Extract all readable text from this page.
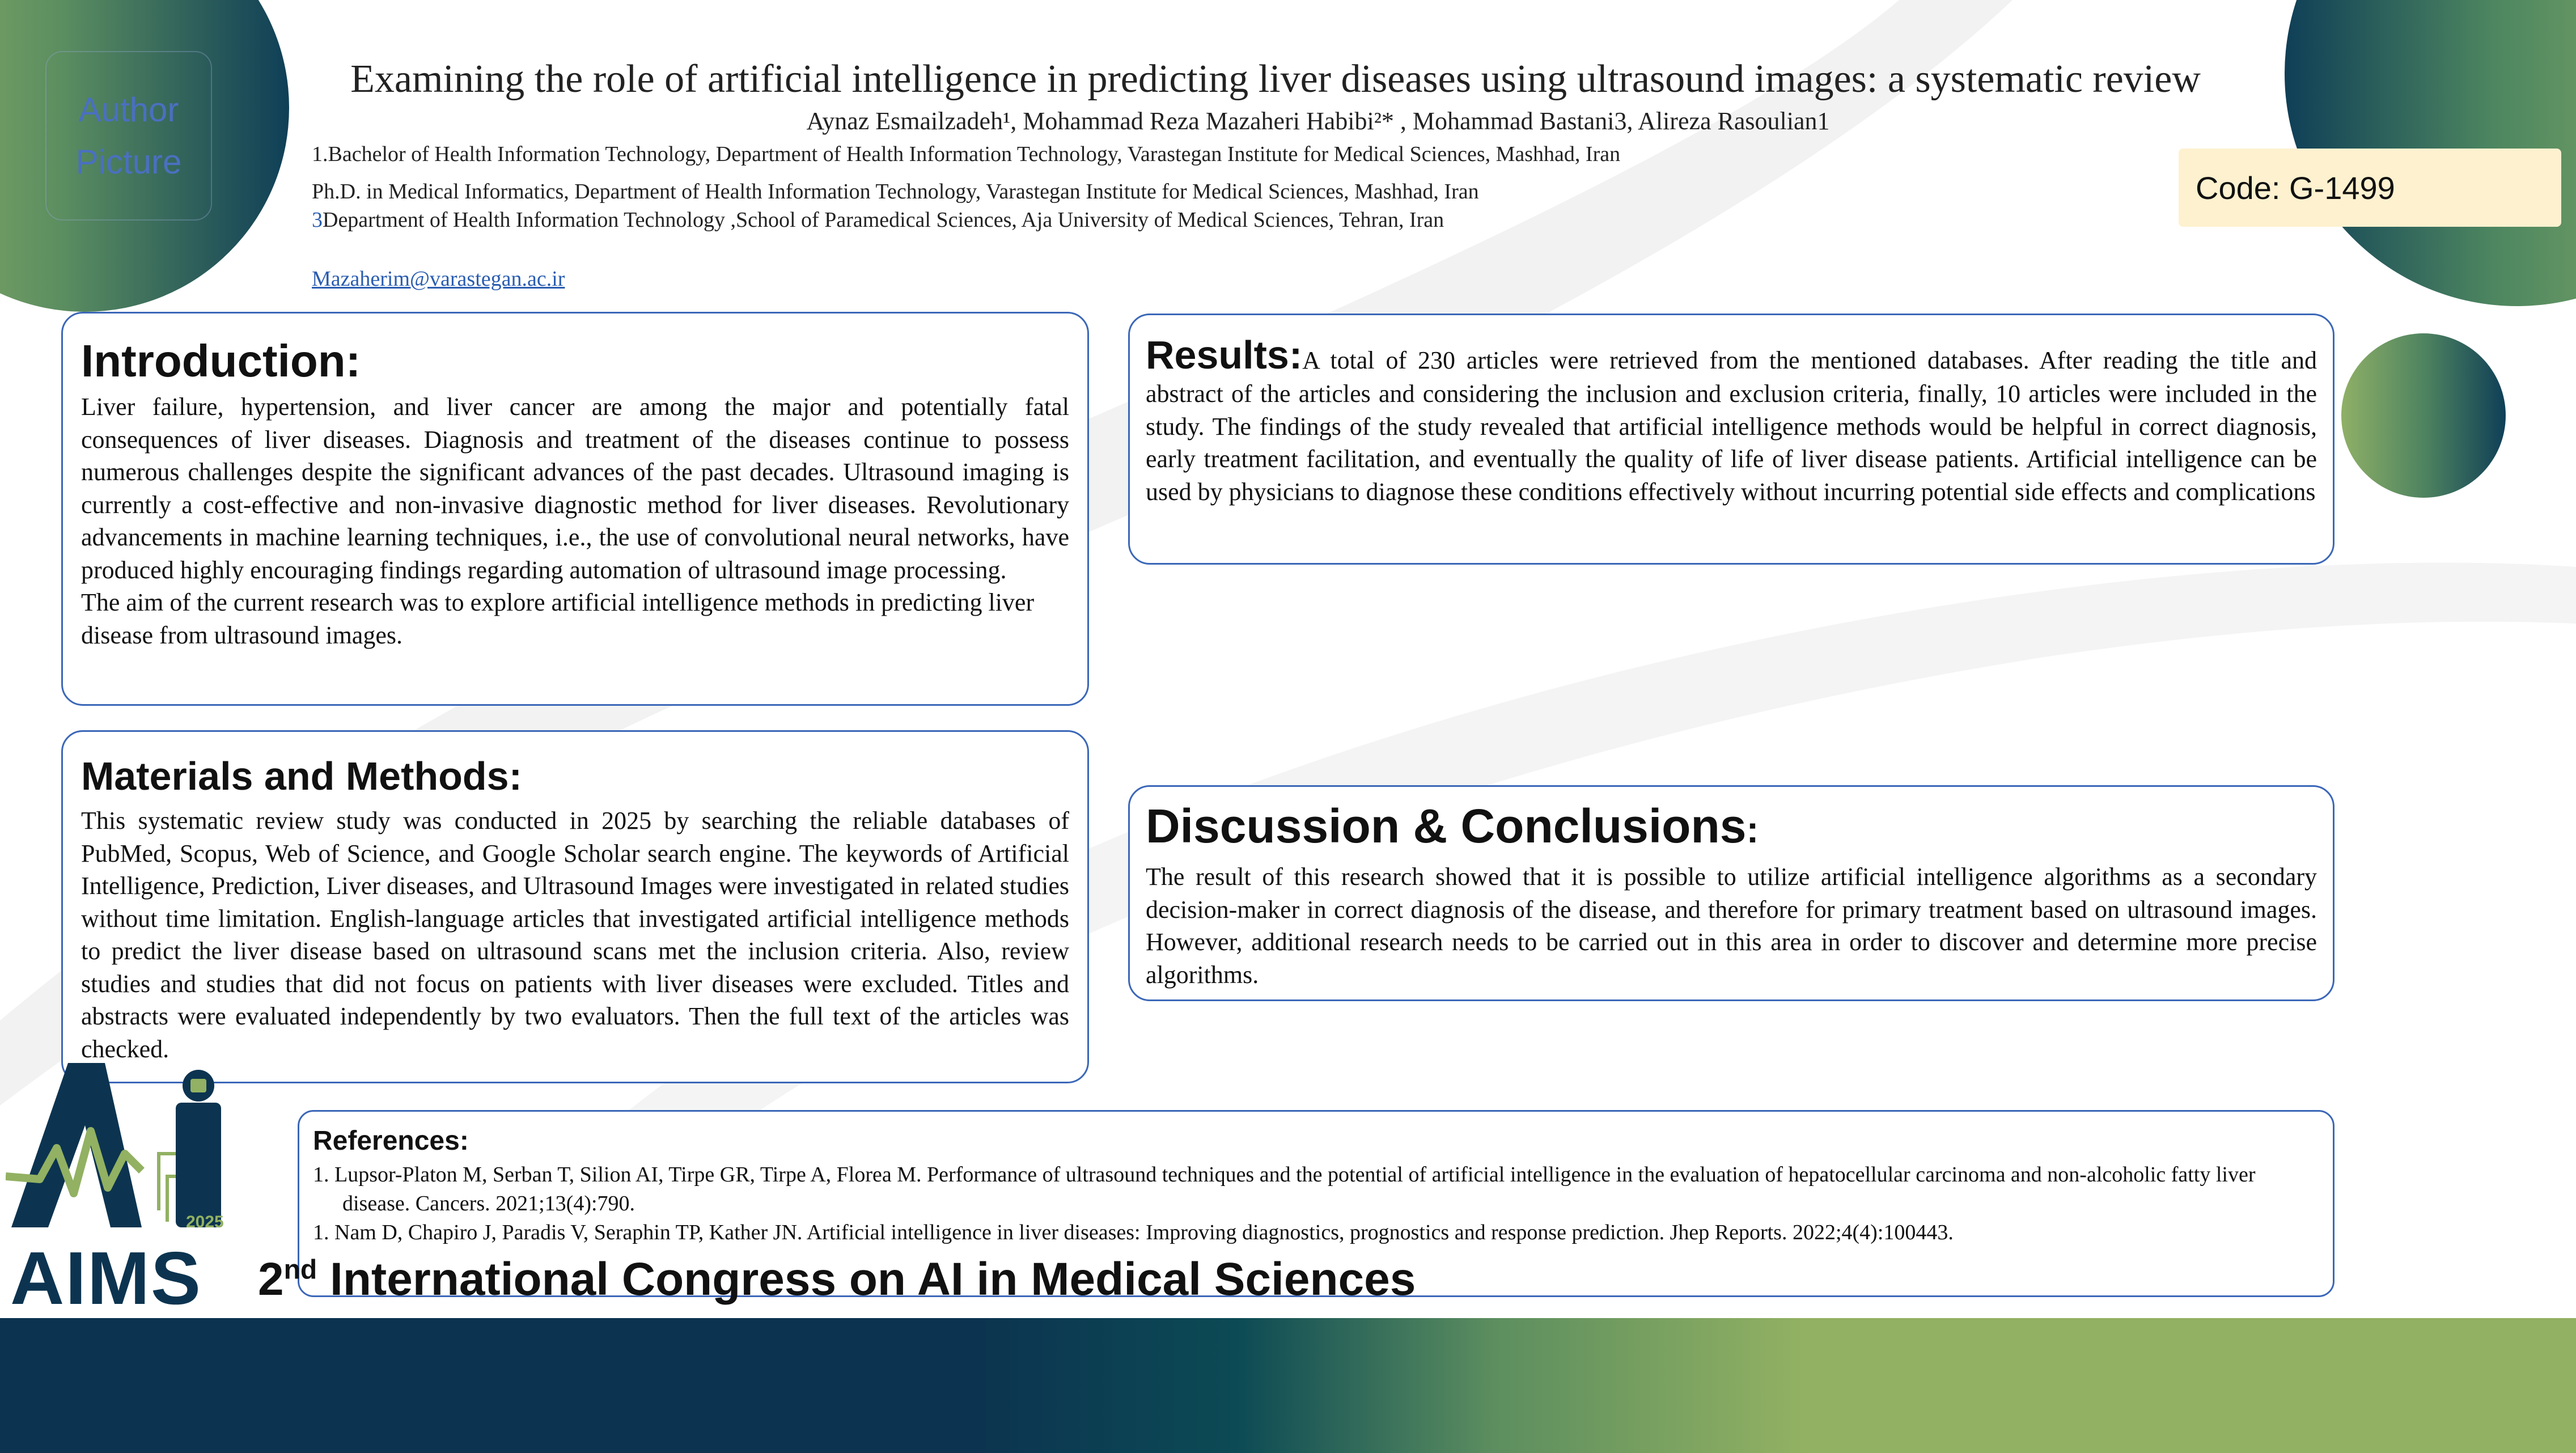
Author Picture
Code: G-1499
Examining the role of artificial intelligence in predicting liver diseases using ultrasound images: a systematic review
Aynaz Esmailzadeh¹, Mohammad Reza Mazaheri Habibi²* , Mohammad Bastani3, Alireza Rasoulian1
1.Bachelor of Health Information Technology, Department of Health Information Technology, Varastegan Institute for Medical Sciences, Mashhad, Iran
Ph.D. in Medical Informatics, Department of Health Information Technology, Varastegan Institute for Medical Sciences, Mashhad, Iran
3Department of Health Information Technology ,School of Paramedical Sciences, Aja University of Medical Sciences, Tehran, Iran
Mazaherim@varastegan.ac.ir
Introduction:

Liver failure, hypertension, and liver cancer are among the major and potentially fatal consequences of liver diseases. Diagnosis and treatment of the diseases continue to possess numerous challenges despite the significant advances of the past decades. Ultrasound imaging is currently a cost-effective and non-invasive diagnostic method for liver diseases. Revolutionary advancements in machine learning techniques, i.e., the use of convolutional neural networks, have produced highly encouraging findings regarding automation of ultrasound image processing.

The aim of the current research was to explore artificial intelligence methods in predicting liver disease from ultrasound images.

Materials and Methods:

This systematic review study was conducted in 2025 by searching the reliable databases of PubMed, Scopus, Web of Science, and Google Scholar search engine. The keywords of Artificial Intelligence, Prediction, Liver diseases, and Ultrasound Images were investigated in related studies without time limitation. English-language articles that investigated artificial intelligence methods to predict the liver disease based on ultrasound scans met the inclusion criteria. Also, review studies and studies that did not focus on patients with liver diseases were excluded. Titles and abstracts were evaluated independently by two evaluators. Then the full text of the articles was checked.

Results:

A total of 230 articles were retrieved from the mentioned databases. After reading the title and abstract of the articles and considering the inclusion and exclusion criteria, finally, 10 articles were included in the study. The findings of the study revealed that artificial intelligence methods would be helpful in correct diagnosis, early treatment facilitation, and eventually the quality of life of liver disease patients. Artificial intelligence can be used by physicians to diagnose these conditions effectively without incurring potential side effects and complications

Discussion & Conclusions:

The result of this research showed that it is possible to utilize artificial intelligence algorithms as a secondary decision-maker in correct diagnosis of the disease, and therefore for primary treatment based on ultrasound images. However, additional research needs to be carried out in this area in order to discover and determine more precise algorithms.

References:

1. Lupsor-Platon M, Serban T, Silion AI, Tirpe GR, Tirpe A, Florea M. Performance of ultrasound techniques and the potential of artificial intelligence in the evaluation of hepatocellular carcinoma and non-alcoholic fatty liver disease. Cancers. 2021;13(4):790.

1. Nam D, Chapiro J, Paradis V, Seraphin TP, Kather JN. Artificial intelligence in liver diseases: Improving diagnostics, prognostics and response prediction. Jhep Reports. 2022;4(4):100443.

2025
AIMS 2nd International Congress on AI in Medical Sciences
